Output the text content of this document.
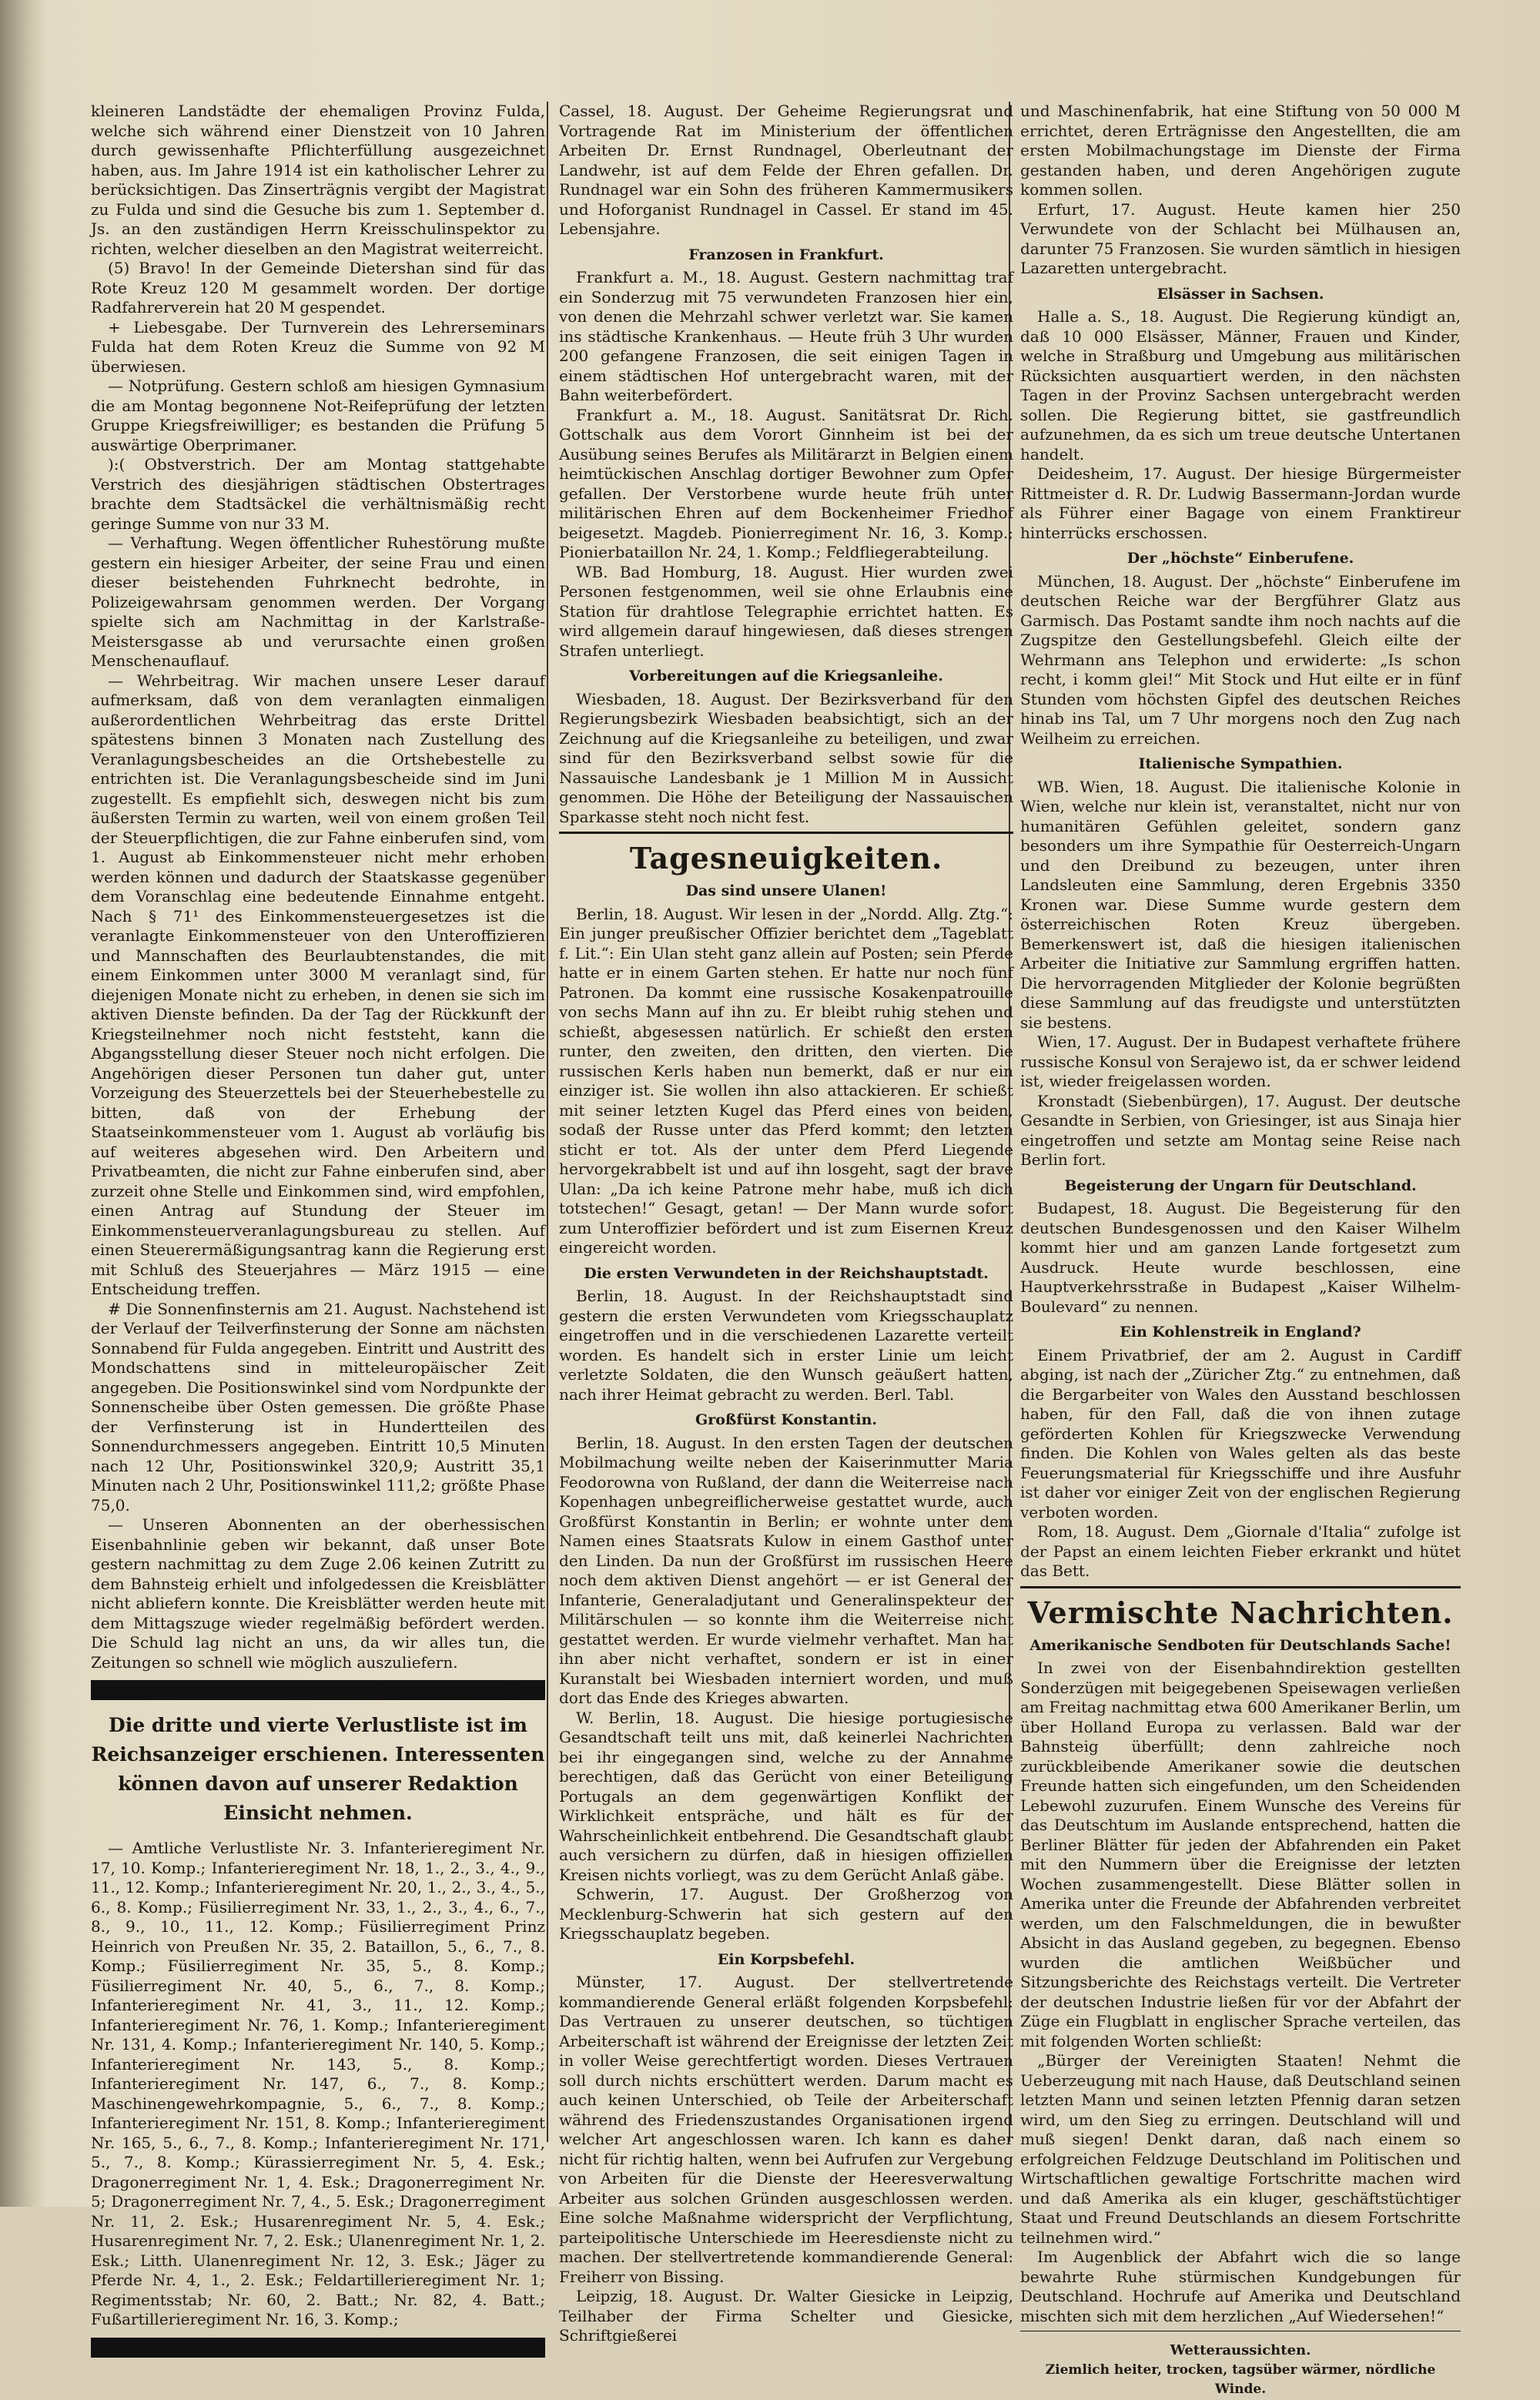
kleineren Landstädte der ehemaligen Provinz Fulda, welche sich während einer Dienstzeit von 10 Jahren durch gewissenhafte Pflichterfüllung ausgezeichnet haben, aus. Im Jahre 1914 ist ein katholischer Lehrer zu berücksichtigen. Das Zinserträgnis vergibt der Magistrat zu Fulda und sind die Gesuche bis zum 1. September d. Js. an den zuständigen Herrn Kreisschulinspektor zu richten, welcher dieselben an den Magistrat weiterreicht.

(5) Bravo! In der Gemeinde Dietershan sind für das Rote Kreuz 120 M gesammelt worden. Der dortige Radfahrerverein hat 20 M gespendet.

+ Liebesgabe. Der Turnverein des Lehrerseminars Fulda hat dem Roten Kreuz die Summe von 92 M überwiesen.

— Notprüfung. Gestern schloß am hiesigen Gymnasium die am Montag begonnene Not-Reifeprüfung der letzten Gruppe Kriegsfreiwilliger; es bestanden die Prüfung 5 auswärtige Oberprimaner.

):( Obstverstrich. Der am Montag stattgehabte Verstrich des diesjährigen städtischen Obstertrages brachte dem Stadtsäckel die verhältnismäßig recht geringe Summe von nur 33 M.

— Verhaftung. Wegen öffentlicher Ruhestörung mußte gestern ein hiesiger Arbeiter, der seine Frau und einen dieser beistehenden Fuhrknecht bedrohte, in Polizeigewahrsam genommen werden. Der Vorgang spielte sich am Nachmittag in der Karlstraße-Meistersgasse ab und verursachte einen großen Menschenauflauf.

— Wehrbeitrag. Wir machen unsere Leser darauf aufmerksam, daß von dem veranlagten einmaligen außerordentlichen Wehrbeitrag das erste Drittel spätestens binnen 3 Monaten nach Zustellung des Veranlagungsbescheides an die Ortshebestelle zu entrichten ist. Die Veranlagungsbescheide sind im Juni zugestellt. Es empfiehlt sich, deswegen nicht bis zum äußersten Termin zu warten, weil von einem großen Teil der Steuerpflichtigen, die zur Fahne einberufen sind, vom 1. August ab Einkommensteuer nicht mehr erhoben werden können und dadurch der Staatskasse gegenüber dem Voranschlag eine bedeutende Einnahme entgeht. Nach § 71¹ des Einkommensteuergesetzes ist die veranlagte Einkommensteuer von den Unteroffizieren und Mannschaften des Beurlaubtenstandes, die mit einem Einkommen unter 3000 M veranlagt sind, für diejenigen Monate nicht zu erheben, in denen sie sich im aktiven Dienste befinden. Da der Tag der Rückkunft der Kriegsteilnehmer noch nicht feststeht, kann die Abgangsstellung dieser Steuer noch nicht erfolgen. Die Angehörigen dieser Personen tun daher gut, unter Vorzeigung des Steuerzettels bei der Steuerhebestelle zu bitten, daß von der Erhebung der Staatseinkommensteuer vom 1. August ab vorläufig bis auf weiteres abgesehen wird. Den Arbeitern und Privatbeamten, die nicht zur Fahne einberufen sind, aber zurzeit ohne Stelle und Einkommen sind, wird empfohlen, einen Antrag auf Stundung der Steuer im Einkommensteuerveranlagungsbureau zu stellen. Auf einen Steuerermäßigungsantrag kann die Regierung erst mit Schluß des Steuerjahres — März 1915 — eine Entscheidung treffen.

# Die Sonnenfinsternis am 21. August. Nachstehend ist der Verlauf der Teilverfinsterung der Sonne am nächsten Sonnabend für Fulda angegeben. Eintritt und Austritt des Mondschattens sind in mitteleuropäischer Zeit angegeben. Die Positionswinkel sind vom Nordpunkte der Sonnenscheibe über Osten gemessen. Die größte Phase der Verfinsterung ist in Hundertteilen des Sonnendurchmessers angegeben. Eintritt 10,5 Minuten nach 12 Uhr, Positionswinkel 320,9; Austritt 35,1 Minuten nach 2 Uhr, Positionswinkel 111,2; größte Phase 75,0.

— Unseren Abonnenten an der oberhessischen Eisenbahnlinie geben wir bekannt, daß unser Bote gestern nachmittag zu dem Zuge 2.06 keinen Zutritt zu dem Bahnsteig erhielt und infolgedessen die Kreisblätter nicht abliefern konnte. Die Kreisblätter werden heute mit dem Mittagszuge wieder regelmäßig befördert werden. Die Schuld lag nicht an uns, da wir alles tun, die Zeitungen so schnell wie möglich auszuliefern.

Die dritte und vierte Verlustliste ist im Reichsanzeiger erschienen. Interessenten können davon auf unserer Redaktion Einsicht nehmen.

— Amtliche Verlustliste Nr. 3. Infanterieregiment Nr. 17, 10. Komp.; Infanterieregiment Nr. 18, 1., 2., 3., 4., 9., 11., 12. Komp.; Infanterieregiment Nr. 20, 1., 2., 3., 4., 5., 6., 8. Komp.; Füsilierregiment Nr. 33, 1., 2., 3., 4., 6., 7., 8., 9., 10., 11., 12. Komp.; Füsilierregiment Prinz Heinrich von Preußen Nr. 35, 2. Bataillon, 5., 6., 7., 8. Komp.; Füsilierregiment Nr. 35, 5., 8. Komp.; Füsilierregiment Nr. 40, 5., 6., 7., 8. Komp.; Infanterieregiment Nr. 41, 3., 11., 12. Komp.; Infanterieregiment Nr. 76, 1. Komp.; Infanterieregiment Nr. 131, 4. Komp.; Infanterieregiment Nr. 140, 5. Komp.; Infanterieregiment Nr. 143, 5., 8. Komp.; Infanterieregiment Nr. 147, 6., 7., 8. Komp.; Maschinengewehrkompagnie, 5., 6., 7., 8. Komp.; Infanterieregiment Nr. 151, 8. Komp.; Infanterieregiment Nr. 165, 5., 6., 7., 8. Komp.; Infanterieregiment Nr. 171, 5., 7., 8. Komp.; Kürassierregiment Nr. 5, 4. Esk.; Dragonerregiment Nr. 1, 4. Esk.; Dragonerregiment Nr. 5; Dragonerregiment Nr. 7, 4., 5. Esk.; Dragonerregiment Nr. 11, 2. Esk.; Husarenregiment Nr. 5, 4. Esk.; Husarenregiment Nr. 7, 2. Esk.; Ulanenregiment Nr. 1, 2. Esk.; Litth. Ulanenregiment Nr. 12, 3. Esk.; Jäger zu Pferde Nr. 4, 1., 2. Esk.; Feldartillerieregiment Nr. 1; Regimentsstab; Nr. 60, 2. Batt.; Nr. 82, 4. Batt.; Fußartillerieregiment Nr. 16, 3. Komp.;

Cassel, 18. August. Der Geheime Regierungsrat und Vortragende Rat im Ministerium der öffentlichen Arbeiten Dr. Ernst Rundnagel, Oberleutnant der Landwehr, ist auf dem Felde der Ehren gefallen. Dr. Rundnagel war ein Sohn des früheren Kammermusikers und Hoforganist Rundnagel in Cassel. Er stand im 45. Lebensjahre.

Franzosen in Frankfurt.

Frankfurt a. M., 18. August. Gestern nachmittag traf ein Sonderzug mit 75 verwundeten Franzosen hier ein, von denen die Mehrzahl schwer verletzt war. Sie kamen ins städtische Krankenhaus. — Heute früh 3 Uhr wurden 200 gefangene Franzosen, die seit einigen Tagen in einem städtischen Hof untergebracht waren, mit der Bahn weiterbefördert.

Frankfurt a. M., 18. August. Sanitätsrat Dr. Rich. Gottschalk aus dem Vorort Ginnheim ist bei der Ausübung seines Berufes als Militärarzt in Belgien einem heimtückischen Anschlag dortiger Bewohner zum Opfer gefallen. Der Verstorbene wurde heute früh unter militärischen Ehren auf dem Bockenheimer Friedhof beigesetzt. Magdeb. Pionierregiment Nr. 16, 3. Komp.; Pionierbataillon Nr. 24, 1. Komp.; Feldfliegerabteilung.

WB. Bad Homburg, 18. August. Hier wurden zwei Personen festgenommen, weil sie ohne Erlaubnis eine Station für drahtlose Telegraphie errichtet hatten. Es wird allgemein darauf hingewiesen, daß dieses strengen Strafen unterliegt.

Vorbereitungen auf die Kriegsanleihe.

Wiesbaden, 18. August. Der Bezirksverband für den Regierungsbezirk Wiesbaden beabsichtigt, sich an der Zeichnung auf die Kriegsanleihe zu beteiligen, und zwar sind für den Bezirksverband selbst sowie für die Nassauische Landesbank je 1 Million M in Aussicht genommen. Die Höhe der Beteiligung der Nassauischen Sparkasse steht noch nicht fest.

Tagesneuigkeiten.
Das sind unsere Ulanen!

Berlin, 18. August. Wir lesen in der „Nordd. Allg. Ztg.“: Ein junger preußischer Offizier berichtet dem „Tageblatt f. Lit.“: Ein Ulan steht ganz allein auf Posten; sein Pferde hatte er in einem Garten stehen. Er hatte nur noch fünf Patronen. Da kommt eine russische Kosakenpatrouille von sechs Mann auf ihn zu. Er bleibt ruhig stehen und schießt, abgesessen natürlich. Er schießt den ersten runter, den zweiten, den dritten, den vierten. Die russischen Kerls haben nun bemerkt, daß er nur ein einziger ist. Sie wollen ihn also attackieren. Er schießt mit seiner letzten Kugel das Pferd eines von beiden, sodaß der Russe unter das Pferd kommt; den letzten sticht er tot. Als der unter dem Pferd Liegende hervorgekrabbelt ist und auf ihn losgeht, sagt der brave Ulan: „Da ich keine Patrone mehr habe, muß ich dich totstechen!“ Gesagt, getan! — Der Mann wurde sofort zum Unteroffizier befördert und ist zum Eisernen Kreuz eingereicht worden.

Die ersten Verwundeten in der Reichshauptstadt.

Berlin, 18. August. In der Reichshauptstadt sind gestern die ersten Verwundeten vom Kriegsschauplatz eingetroffen und in die verschiedenen Lazarette verteilt worden. Es handelt sich in erster Linie um leicht verletzte Soldaten, die den Wunsch geäußert hatten, nach ihrer Heimat gebracht zu werden. Berl. Tabl.

Großfürst Konstantin.

Berlin, 18. August. In den ersten Tagen der deutschen Mobilmachung weilte neben der Kaiserinmutter Maria Feodorowna von Rußland, der dann die Weiterreise nach Kopenhagen unbegreiflicherweise gestattet wurde, auch Großfürst Konstantin in Berlin; er wohnte unter dem Namen eines Staatsrats Kulow in einem Gasthof unter den Linden. Da nun der Großfürst im russischen Heere noch dem aktiven Dienst angehört — er ist General der Infanterie, Generaladjutant und Generalinspekteur der Militärschulen — so konnte ihm die Weiterreise nicht gestattet werden. Er wurde vielmehr verhaftet. Man hat ihn aber nicht verhaftet, sondern er ist in einer Kuranstalt bei Wiesbaden interniert worden, und muß dort das Ende des Krieges abwarten.

W. Berlin, 18. August. Die hiesige portugiesische Gesandtschaft teilt uns mit, daß keinerlei Nachrichten bei ihr eingegangen sind, welche zu der Annahme berechtigen, daß das Gerücht von einer Beteiligung Portugals an dem gegenwärtigen Konflikt der Wirklichkeit entspräche, und hält es für der Wahrscheinlichkeit entbehrend. Die Gesandtschaft glaubt auch versichern zu dürfen, daß in hiesigen offiziellen Kreisen nichts vorliegt, was zu dem Gerücht Anlaß gäbe.

Schwerin, 17. August. Der Großherzog von Mecklenburg-Schwerin hat sich gestern auf den Kriegsschauplatz begeben.

Ein Korpsbefehl.

Münster, 17. August. Der stellvertretende kommandierende General erläßt folgenden Korpsbefehl: Das Vertrauen zu unserer deutschen, so tüchtigen Arbeiterschaft ist während der Ereignisse der letzten Zeit in voller Weise gerechtfertigt worden. Dieses Vertrauen soll durch nichts erschüttert werden. Darum macht es auch keinen Unterschied, ob Teile der Arbeiterschaft während des Friedenszustandes Organisationen irgend welcher Art angeschlossen waren. Ich kann es daher nicht für richtig halten, wenn bei Aufrufen zur Vergebung von Arbeiten für die Dienste der Heeresverwaltung Arbeiter aus solchen Gründen ausgeschlossen werden. Eine solche Maßnahme widerspricht der Verpflichtung, parteipolitische Unterschiede im Heeresdienste nicht zu machen. Der stellvertretende kommandierende General: Freiherr von Bissing.

Leipzig, 18. August. Dr. Walter Giesicke in Leipzig, Teilhaber der Firma Schelter und Giesicke, Schriftgießerei

und Maschinenfabrik, hat eine Stiftung von 50 000 M errichtet, deren Erträgnisse den Angestellten, die am ersten Mobilmachungstage im Dienste der Firma gestanden haben, und deren Angehörigen zugute kommen sollen.

Erfurt, 17. August. Heute kamen hier 250 Verwundete von der Schlacht bei Mülhausen an, darunter 75 Franzosen. Sie wurden sämtlich in hiesigen Lazaretten untergebracht.

Elsässer in Sachsen.

Halle a. S., 18. August. Die Regierung kündigt an, daß 10 000 Elsässer, Männer, Frauen und Kinder, welche in Straßburg und Umgebung aus militärischen Rücksichten ausquartiert werden, in den nächsten Tagen in der Provinz Sachsen untergebracht werden sollen. Die Regierung bittet, sie gastfreundlich aufzunehmen, da es sich um treue deutsche Untertanen handelt.

Deidesheim, 17. August. Der hiesige Bürgermeister Rittmeister d. R. Dr. Ludwig Bassermann-Jordan wurde als Führer einer Bagage von einem Franktireur hinterrücks erschossen.

Der „höchste“ Einberufene.

München, 18. August. Der „höchste“ Einberufene im deutschen Reiche war der Bergführer Glatz aus Garmisch. Das Postamt sandte ihm noch nachts auf die Zugspitze den Gestellungsbefehl. Gleich eilte der Wehrmann ans Telephon und erwiderte: „Is schon recht, i komm glei!“ Mit Stock und Hut eilte er in fünf Stunden vom höchsten Gipfel des deutschen Reiches hinab ins Tal, um 7 Uhr morgens noch den Zug nach Weilheim zu erreichen.

Italienische Sympathien.

WB. Wien, 18. August. Die italienische Kolonie in Wien, welche nur klein ist, veranstaltet, nicht nur von humanitären Gefühlen geleitet, sondern ganz besonders um ihre Sympathie für Oesterreich-Ungarn und den Dreibund zu bezeugen, unter ihren Landsleuten eine Sammlung, deren Ergebnis 3350 Kronen war. Diese Summe wurde gestern dem österreichischen Roten Kreuz übergeben. Bemerkenswert ist, daß die hiesigen italienischen Arbeiter die Initiative zur Sammlung ergriffen hatten. Die hervorragenden Mitglieder der Kolonie begrüßten diese Sammlung auf das freudigste und unterstützten sie bestens.

Wien, 17. August. Der in Budapest verhaftete frühere russische Konsul von Serajewo ist, da er schwer leidend ist, wieder freigelassen worden.

Kronstadt (Siebenbürgen), 17. August. Der deutsche Gesandte in Serbien, von Griesinger, ist aus Sinaja hier eingetroffen und setzte am Montag seine Reise nach Berlin fort.

Begeisterung der Ungarn für Deutschland.

Budapest, 18. August. Die Begeisterung für den deutschen Bundesgenossen und den Kaiser Wilhelm kommt hier und am ganzen Lande fortgesetzt zum Ausdruck. Heute wurde beschlossen, eine Hauptverkehrsstraße in Budapest „Kaiser Wilhelm-Boulevard“ zu nennen.

Ein Kohlenstreik in England?

Einem Privatbrief, der am 2. August in Cardiff abging, ist nach der „Züricher Ztg.“ zu entnehmen, daß die Bergarbeiter von Wales den Ausstand beschlossen haben, für den Fall, daß die von ihnen zutage geförderten Kohlen für Kriegszwecke Verwendung finden. Die Kohlen von Wales gelten als das beste Feuerungsmaterial für Kriegsschiffe und ihre Ausfuhr ist daher vor einiger Zeit von der englischen Regierung verboten worden.

Rom, 18. August. Dem „Giornale d'Italia“ zufolge ist der Papst an einem leichten Fieber erkrankt und hütet das Bett.

Vermischte Nachrichten.
Amerikanische Sendboten für Deutschlands Sache!

In zwei von der Eisenbahndirektion gestellten Sonderzügen mit beigegebenen Speisewagen verließen am Freitag nachmittag etwa 600 Amerikaner Berlin, um über Holland Europa zu verlassen. Bald war der Bahnsteig überfüllt; denn zahlreiche noch zurückbleibende Amerikaner sowie die deutschen Freunde hatten sich eingefunden, um den Scheidenden Lebewohl zuzurufen. Einem Wunsche des Vereins für das Deutschtum im Auslande entsprechend, hatten die Berliner Blätter für jeden der Abfahrenden ein Paket mit den Nummern über die Ereignisse der letzten Wochen zusammengestellt. Diese Blätter sollen in Amerika unter die Freunde der Abfahrenden verbreitet werden, um den Falschmeldungen, die in bewußter Absicht in das Ausland gegeben, zu begegnen. Ebenso wurden die amtlichen Weißbücher und Sitzungsberichte des Reichstags verteilt. Die Vertreter der deutschen Industrie ließen für vor der Abfahrt der Züge ein Flugblatt in englischer Sprache verteilen, das mit folgenden Worten schließt:

„Bürger der Vereinigten Staaten! Nehmt die Ueberzeugung mit nach Hause, daß Deutschland seinen letzten Mann und seinen letzten Pfennig daran setzen wird, um den Sieg zu erringen. Deutschland will und muß siegen! Denkt daran, daß nach einem so erfolgreichen Feldzuge Deutschland im Politischen und Wirtschaftlichen gewaltige Fortschritte machen wird und daß Amerika als ein kluger, geschäftstüchtiger Staat und Freund Deutschlands an diesem Fortschritte teilnehmen wird.“

Im Augenblick der Abfahrt wich die so lange bewahrte Ruhe stürmischen Kundgebungen für Deutschland. Hochrufe auf Amerika und Deutschland mischten sich mit dem herzlichen „Auf Wiedersehen!“

Wetteraussichten.

Ziemlich heiter, trocken, tagsüber wärmer, nördliche Winde.
